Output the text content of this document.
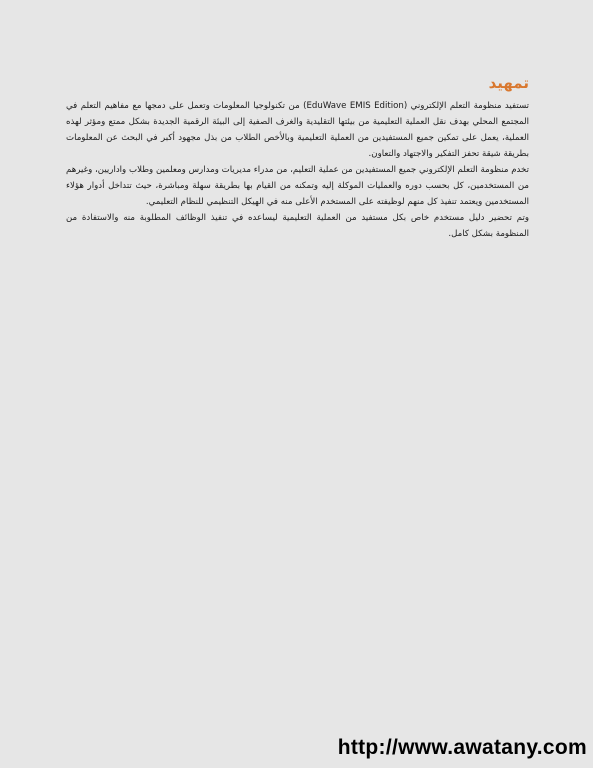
تمهيد

تستفيد منظومة التعلم الإلكتروني (EduWave EMIS Edition) من تكنولوجيا المعلومات وتعمل على دمجها مع مفاهيم التعلم في المجتمع المحلي بهدف نقل العملية التعليمية من بيئتها التقليدية والغرف الصفية إلى البيئة الرقمية الجديدة بشكل ممتع ومؤثر لهذه العملية، يعمل على تمكين جميع المستفيدين من العملية التعليمية وبالأخص الطلاب من بذل مجهود أكبر في البحث عن المعلومات بطريقة شيقة تحفز التفكير والاجتهاد والتعاون.

تخدم منظومة التعلم الإلكتروني جميع المستفيدين من عملية التعليم، من مدراء مديريات ومدارس ومعلمين وطلاب واداريين، وغيرهم من المستخدمين، كل بحسب دوره والعمليات الموكلة إليه وتمكنه من القيام بها بطريقة سهلة ومباشرة، حيث تتداخل أدوار هؤلاء المستخدمين ويعتمد تنفيذ كل منهم لوظيفته على المستخدم الأعلى منه في الهيكل التنظيمي للنظام التعليمي.

وتم تحضير دليل مستخدم خاص بكل مستفيد من العملية التعليمية ليساعده في تنفيذ الوظائف المطلوبة منه والاستفادة من المنظومة بشكل كامل.

http://www.awatany.com
